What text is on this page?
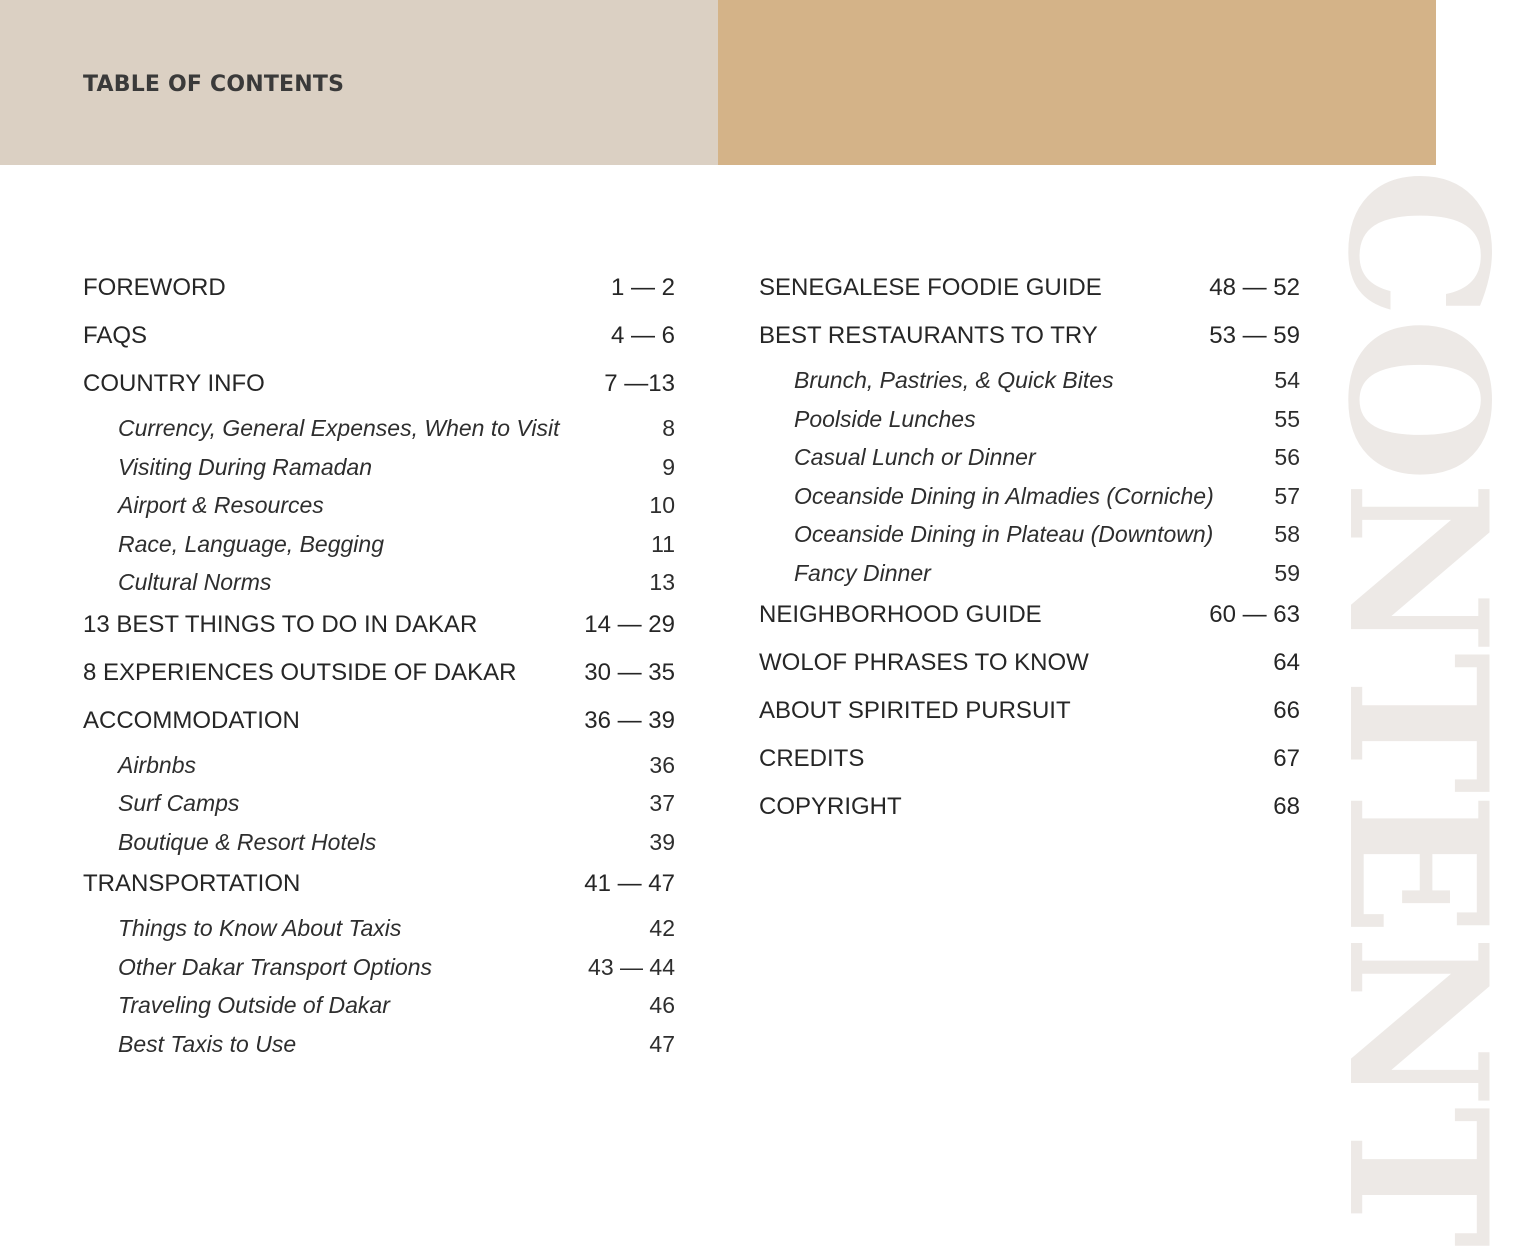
TABLE OF CONTENTS
CONTENT
FOREWORD	1 — 2
FAQS	4 — 6
COUNTRY INFO	7 —13
Currency, General Expenses, When to Visit	8
Visiting During Ramadan	9
Airport & Resources	10
Race, Language, Begging	11
Cultural Norms	13
13 BEST THINGS TO DO IN DAKAR	14 — 29
8 EXPERIENCES OUTSIDE OF DAKAR	30 — 35
ACCOMMODATION	36 — 39
Airbnbs	36
Surf Camps	37
Boutique & Resort Hotels	39
TRANSPORTATION	41 — 47
Things to Know About Taxis	42
Other Dakar Transport Options	43 — 44
Traveling Outside of Dakar	46
Best Taxis to Use	47
SENEGALESE FOODIE GUIDE	48 — 52
BEST RESTAURANTS TO TRY	53 — 59
Brunch, Pastries, & Quick Bites	54
Poolside Lunches	55
Casual Lunch or Dinner	56
Oceanside Dining in Almadies (Corniche)	57
Oceanside Dining in Plateau (Downtown)	58
Fancy Dinner	59
NEIGHBORHOOD GUIDE	60 — 63
WOLOF PHRASES TO KNOW	64
ABOUT SPIRITED PURSUIT	66
CREDITS	67
COPYRIGHT	68
